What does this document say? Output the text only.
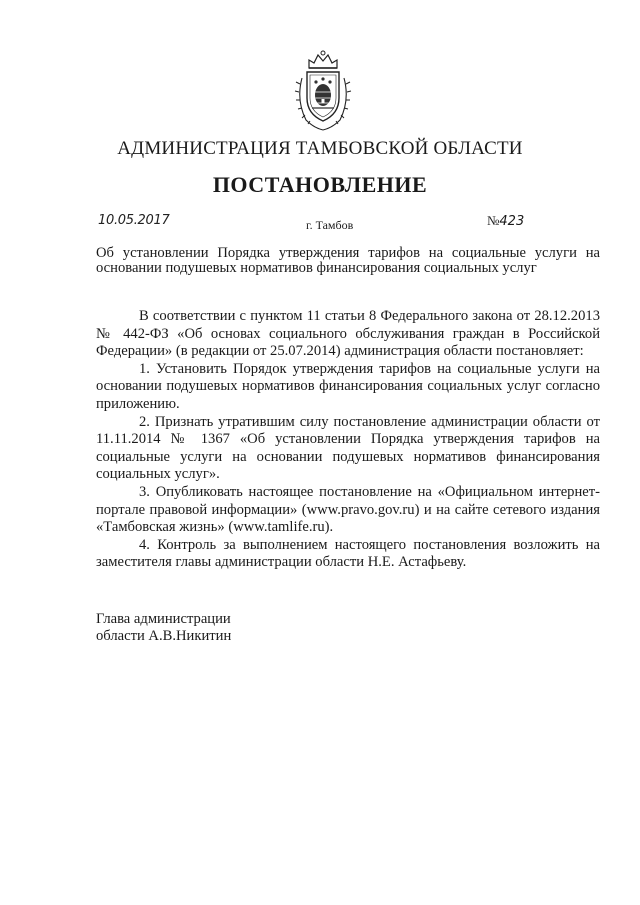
АДМИНИСТРАЦИЯ ТАМБОВСКОЙ ОБЛАСТИ
ПОСТАНОВЛЕНИЕ
10.05.2017	г. Тамбов	№423
Об установлении Порядка утверждения тарифов на социальные услуги на основании подушевых нормативов финансирования социальных услуг

В соответствии с пунктом 11 статьи 8 Федерального закона от 28.12.2013 № 442-ФЗ «Об основах социального обслуживания граждан в Российской Федерации» (в редакции от 25.07.2014) администрация области постановляет:

1. Установить Порядок утверждения тарифов на социальные услуги на основании подушевых нормативов финансирования социальных услуг согласно приложению.

2. Признать утратившим силу постановление администрации области от 11.11.2014 № 1367 «Об установлении Порядка утверждения тарифов на социальные услуги на основании подушевых нормативов финансирования социальных услуг».

3. Опубликовать настоящее постановление на «Официальном интернет-портале правовой информации» (www.pravo.gov.ru) и на сайте сетевого издания «Тамбовская жизнь» (www.tamlife.ru).

4. Контроль за выполнением настоящего постановления возложить на заместителя главы администрации области Н.Е. Астафьеву.

Глава администрации
области А.В.Никитин
